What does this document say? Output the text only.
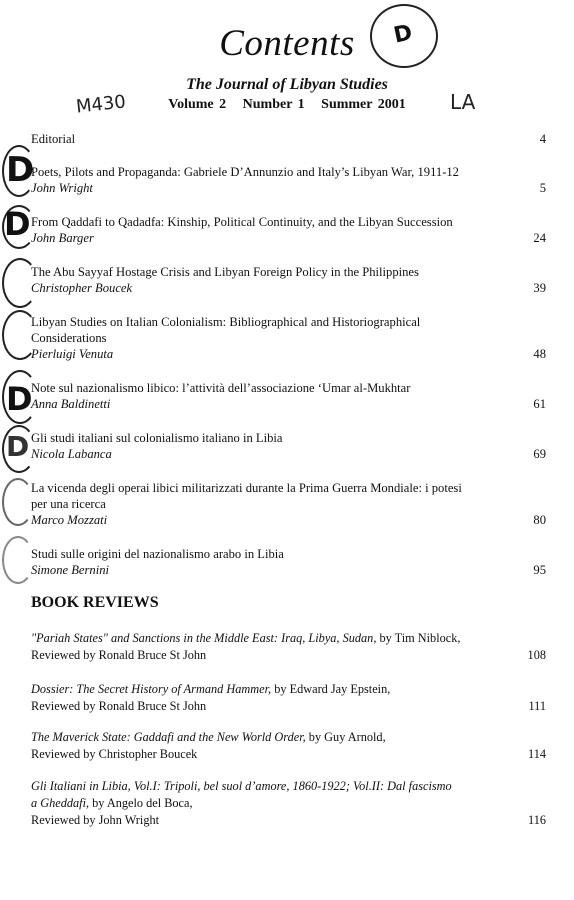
Contents	D
The Journal of Libyan Studies
Volume 2   Number 1   Summer 2001
M430	LA
Editorial	4
Poets, Pilots and Propaganda: Gabriele D’Annunzio and Italy’s Libyan War, 1911-12
John Wright	5
From Qaddafi to Qadadfa: Kinship, Political Continuity, and the Libyan Succession
John Barger	24
The Abu Sayyaf Hostage Crisis and Libyan Foreign Policy in the Philippines
Christopher Boucek	39
Libyan Studies on Italian Colonialism: Bibliographical and Historiographical
Considerations
Pierluigi Venuta	48
Note sul nazionalismo libico: l’attività dell’associazione ‘Umar al-Mukhtar
Anna Baldinetti	61
Gli studi italiani sul colonialismo italiano in Libia
Nicola Labanca	69
La vicenda degli operai libici militarizzati durante la Prima Guerra Mondiale: i potesi
per una ricerca
Marco Mozzati	80
Studi sulle origini del nazionalismo arabo in Libia
Simone Bernini	95
D
D
D
D
BOOK REVIEWS
"Pariah States" and Sanctions in the Middle East: Iraq, Libya, Sudan, by Tim Niblock,
Reviewed by Ronald Bruce St John	108
Dossier: The Secret History of Armand Hammer, by Edward Jay Epstein,
Reviewed by Ronald Bruce St John	111
The Maverick State: Gaddafi and the New World Order, by Guy Arnold,
Reviewed by Christopher Boucek	114
Gli Italiani in Libia, Vol.I: Tripoli, bel suol d’amore, 1860-1922; Vol.II: Dal fascismo
a Gheddafi, by Angelo del Boca,
Reviewed by John Wright	116
